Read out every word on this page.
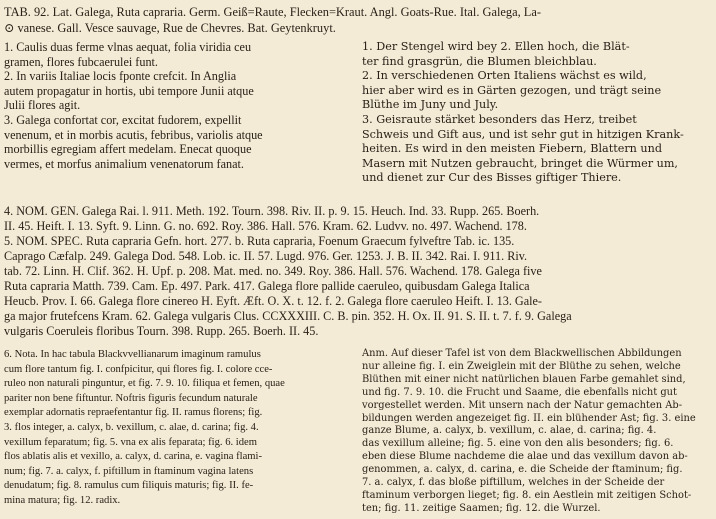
TAB. 92. Lat. Galega, Ruta capraria. Germ. Geiß=Raute, Flecken=Kraut. Angl. Goats-Rue. Ital. Galega, La-

⊙ vanese. Gall. Vesce sauvage, Rue de Chevres. Bat. Geytenkruyt.

1. Caulis duas ferme vlnas aequat, folia viridia ceu

gramen, flores fubcaerulei funt.

2. In variis Italiae locis fponte crefcit. In Anglia

autem propagatur in hortis, ubi tempore Junii atque

Julii flores agit.

3. Galega confortat cor, excitat fudorem, expellit

venenum, et in morbis acutis, febribus, variolis atque

morbillis egregiam affert medelam. Enecat quoque

vermes, et morfus animalium venenatorum fanat.

1. Der Stengel wird bey 2. Ellen hoch, die Blät-

ter find grasgrün, die Blumen bleichblau.

2. In verschiedenen Orten Italiens wächst es wild,

hier aber wird es in Gärten gezogen, und trägt seine

Blüthe im Juny und July.

3. Geisraute stärket besonders das Herz, treibet

Schweis und Gift aus, und ist sehr gut in hitzigen Krank-

heiten. Es wird in den meisten Fiebern, Blattern und

Masern mit Nutzen gebraucht, bringet die Würmer um,

und dienet zur Cur des Bisses giftiger Thiere.

4. NOM. GEN. Galega Rai. l. 911. Meth. 192. Tourn. 398. Riv. II. p. 9. 15. Heuch. Ind. 33. Rupp. 265. Boerh.

II. 45. Heift. I. 13. Syft. 9. Linn. G. no. 692. Roy. 386. Hall. 576. Kram. 62. Ludvv. no. 497. Wachend. 178.

5. NOM. SPEC. Ruta capraria Gefn. hort. 277. b. Ruta capraria, Foenum Graecum fylveftre Tab. ic. 135.

Caprago Cæfalp. 249. Galega Dod. 548. Lob. ic. II. 57. Lugd. 976. Ger. 1253. J. B. II. 342. Rai. I. 911. Riv.

tab. 72. Linn. H. Clif. 362. H. Upf. p. 208. Mat. med. no. 349. Roy. 386. Hall. 576. Wachend. 178. Galega five

Ruta capraria Matth. 739. Cam. Ep. 497. Park. 417. Galega flore pallide caeruleo, quibusdam Galega Italica

Heucb. Prov. I. 66. Galega flore cinereo H. Eyft. Æft. O. X. t. 12. f. 2. Galega flore caeruleo Heift. I. 13. Gale-

ga major frutefcens Kram. 62. Galega vulgaris Clus. CCXXXIII. C. B. pin. 352. H. Ox. II. 91. S. II. t. 7. f. 9. Galega

vulgaris Coeruleis floribus Tourn. 398. Rupp. 265. Boerh. II. 45.

6. Nota. In hac tabula Blackvvellianarum imaginum ramulus

cum flore tantum fig. I. confpicitur, qui flores fig. I. colore cce-

ruleo non naturali pinguntur, et fig. 7. 9. 10. filiqua et femen, quae

pariter non bene fiftuntur. Noftris figuris fecundum naturale

exemplar adornatis repraefentantur fig. II. ramus florens; fig.

3. flos integer, a. calyx, b. vexillum, c. alae, d. carina; fig. 4.

vexillum feparatum; fig. 5. vna ex alis feparata; fig. 6. idem

flos ablatis alis et vexillo, a. calyx, d. carina, e. vagina flami-

num; fig. 7. a. calyx, f. piftillum in ftaminum vagina latens

denudatum; fig. 8. ramulus cum filiquis maturis; fig. II. fe-

mina matura; fig. 12. radix.

Anm. Auf dieser Tafel ist von dem Blackwellischen Abbildungen

nur alleine fig. I. ein Zweiglein mit der Blüthe zu sehen, welche

Blüthen mit einer nicht natürlichen blauen Farbe gemahlet sind,

und fig. 7. 9. 10. die Frucht und Saame, die ebenfalls nicht gut

vorgestellet werden. Mit unsern nach der Natur gemachten Ab-

bildungen werden angezeiget fig. II. ein blühender Ast; fig. 3. eine

ganze Blume, a. calyx, b. vexillum, c. alae, d. carina; fig. 4.

das vexillum alleine; fig. 5. eine von den alis besonders; fig. 6.

eben diese Blume nachdeme die alae und das vexillum davon ab-

genommen, a. calyx, d. carina, e. die Scheide der ftaminum; fig.

7. a. calyx, f. das bloße piftillum, welches in der Scheide der

ftaminum verborgen lieget; fig. 8. ein Aestlein mit zeitigen Schot-

ten; fig. 11. zeitige Saamen; fig. 12. die Wurzel.
